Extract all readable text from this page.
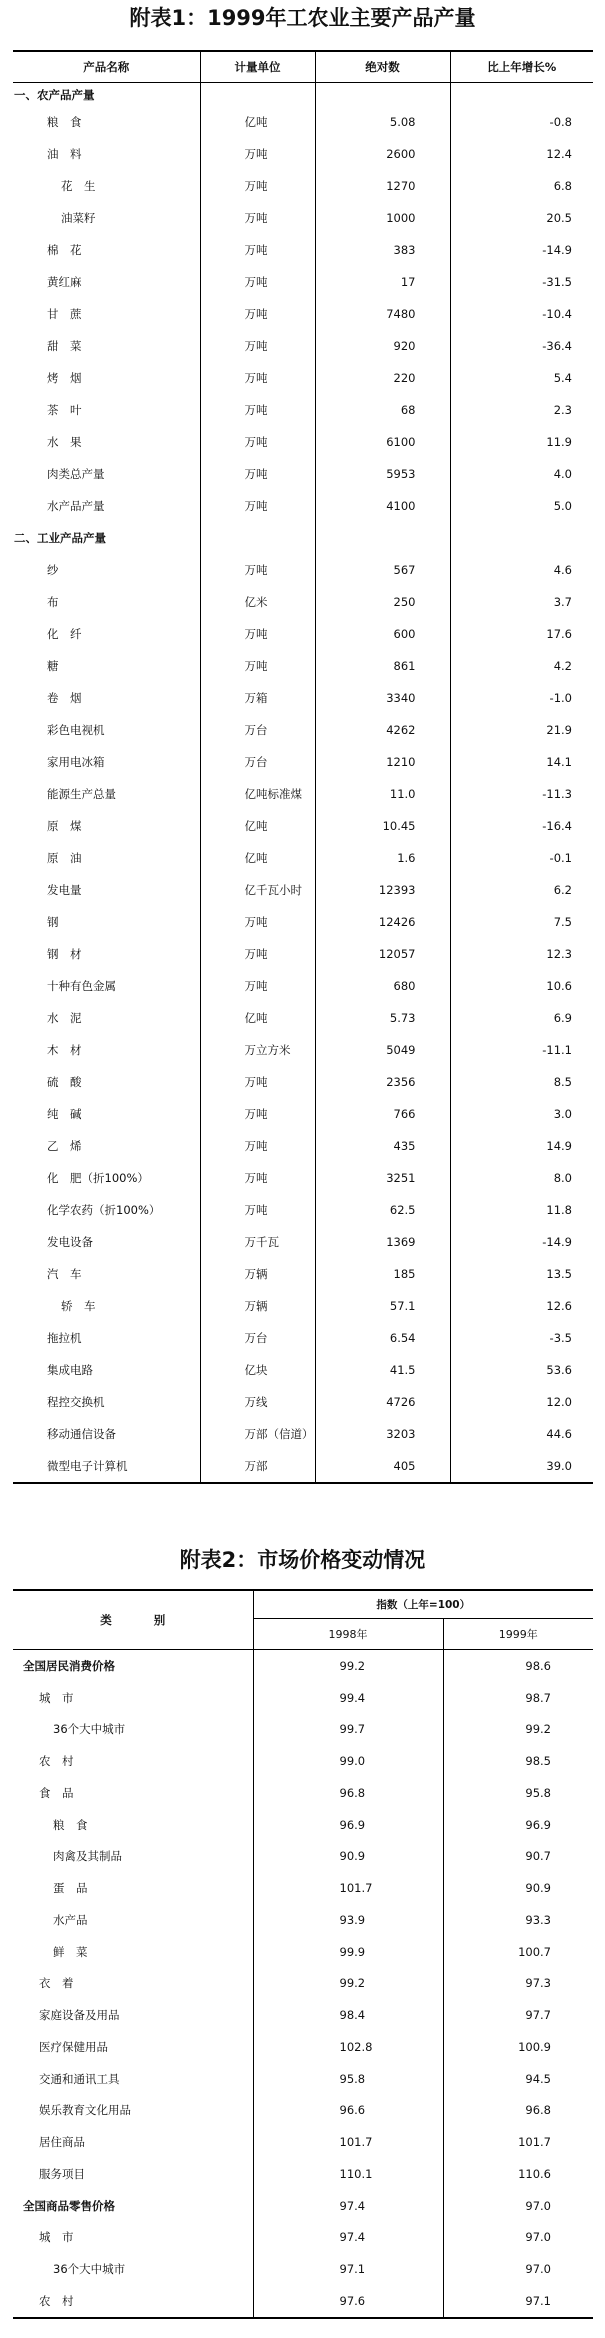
附表1：1999年工农业主要产品产量
产品名称	计量单位	绝对数	比上年增长%
一、农产品产量			
粮　食	亿吨	5.08	-0.8
油　料	万吨	2600	12.4
花　生	万吨	1270	6.8
油菜籽	万吨	1000	20.5
棉　花	万吨	383	-14.9
黄红麻	万吨	17	-31.5
甘　蔗	万吨	7480	-10.4
甜　菜	万吨	920	-36.4
烤　烟	万吨	220	5.4
茶　叶	万吨	68	2.3
水　果	万吨	6100	11.9
肉类总产量	万吨	5953	4.0
水产品产量	万吨	4100	5.0
二、工业产品产量			
纱	万吨	567	4.6
布	亿米	250	3.7
化　纤	万吨	600	17.6
糖	万吨	861	4.2
卷　烟	万箱	3340	-1.0
彩色电视机	万台	4262	21.9
家用电冰箱	万台	1210	14.1
能源生产总量	亿吨标准煤	11.0	-11.3
原　煤	亿吨	10.45	-16.4
原　油	亿吨	1.6	-0.1
发电量	亿千瓦小时	12393	6.2
钢	万吨	12426	7.5
钢　材	万吨	12057	12.3
十种有色金属	万吨	680	10.6
水　泥	亿吨	5.73	6.9
木　材	万立方米	5049	-11.1
硫　酸	万吨	2356	8.5
纯　碱	万吨	766	3.0
乙　烯	万吨	435	14.9
化　肥（折100%）	万吨	3251	8.0
化学农药（折100%）	万吨	62.5	11.8
发电设备	万千瓦	1369	-14.9
汽　车	万辆	185	13.5
轿　车	万辆	57.1	12.6
拖拉机	万台	6.54	-3.5
集成电路	亿块	41.5	53.6
程控交换机	万线	4726	12.0
移动通信设备	万部（信道）	3203	44.6
微型电子计算机	万部	405	39.0
附表2：市场价格变动情况
类 别	指数（上年=100）	
	1998年	1999年
全国居民消费价格	99.2	98.6
城　市	99.4	98.7
36个大中城市	99.7	99.2
农　村	99.0	98.5
食　品	96.8	95.8
粮　食	96.9	96.9
肉禽及其制品	90.9	90.7
蛋　品	101.7	90.9
水产品	93.9	93.3
鲜　菜	99.9	100.7
衣　着	99.2	97.3
家庭设备及用品	98.4	97.7
医疗保健用品	102.8	100.9
交通和通讯工具	95.8	94.5
娱乐教育文化用品	96.6	96.8
居住商品	101.7	101.7
服务项目	110.1	110.6
全国商品零售价格	97.4	97.0
城　市	97.4	97.0
36个大中城市	97.1	97.0
农　村	97.6	97.1
